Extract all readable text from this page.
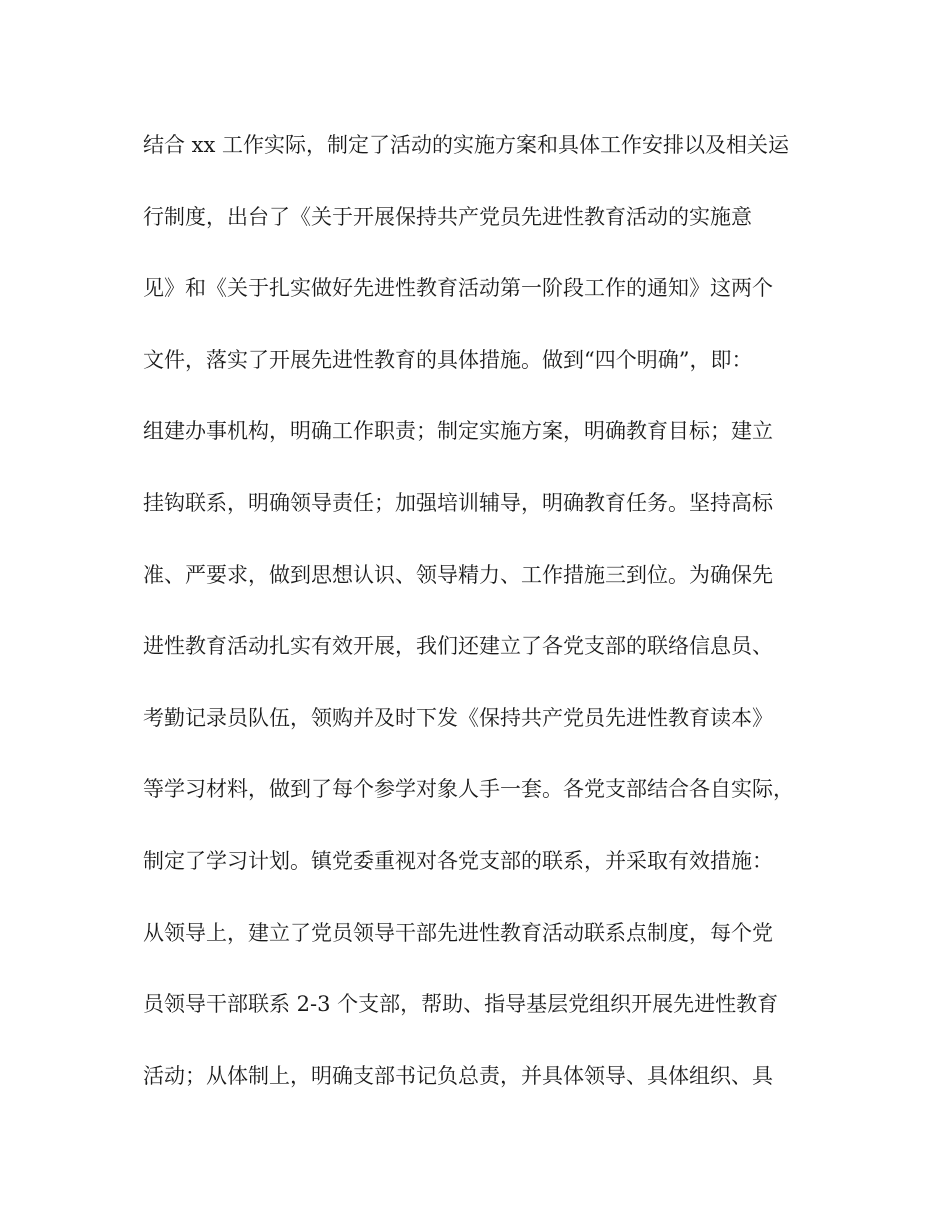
结合 xx 工作实际，制定了活动的实施方案和具体工作安排以及相关运
行制度，出台了《关于开展保持共产党员先进性教育活动的实施意
见》和《关于扎实做好先进性教育活动第一阶段工作的通知》这两个
文件，落实了开展先进性教育的具体措施。做到“四个明确”，即：
组建办事机构，明确工作职责；制定实施方案，明确教育目标；建立
挂钩联系，明确领导责任；加强培训辅导，明确教育任务。坚持高标
准、严要求，做到思想认识、领导精力、工作措施三到位。为确保先
进性教育活动扎实有效开展，我们还建立了各党支部的联络信息员、
考勤记录员队伍，领购并及时下发《保持共产党员先进性教育读本》
等学习材料，做到了每个参学对象人手一套。各党支部结合各自实际，
制定了学习计划。镇党委重视对各党支部的联系，并采取有效措施：
从领导上，建立了党员领导干部先进性教育活动联系点制度，每个党
员领导干部联系 2-3 个支部，帮助、指导基层党组织开展先进性教育
活动；从体制上，明确支部书记负总责，并具体领导、具体组织、具
